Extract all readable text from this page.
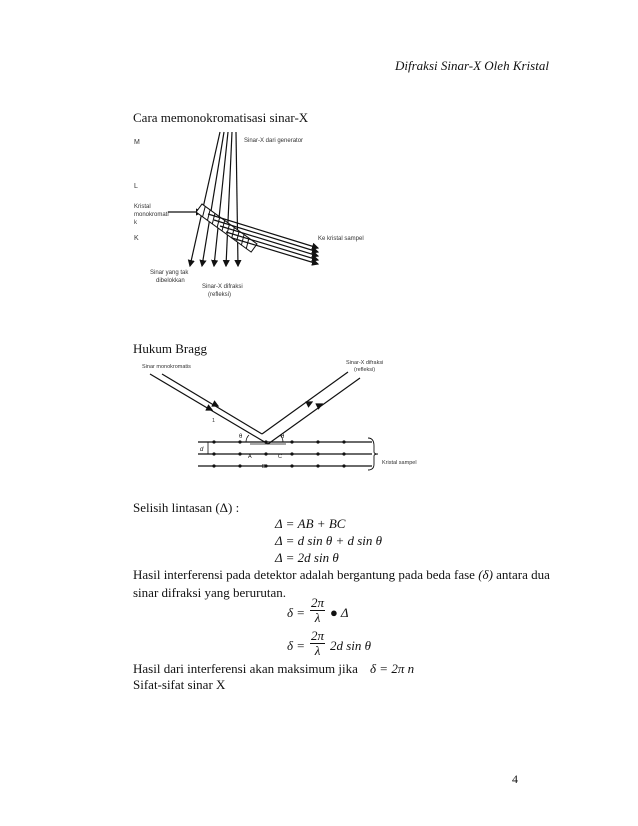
Difraksi Sinar-X Oleh Kristal
Cara memonokromatisasi sinar-X
M
L
Kristal
monokromati
k
K
Sinar-X dari generator
Ke kristal sampel
Sinar yang tak
dibelokkan
Sinar-X difraksi
(refleksi)
Hukum Bragg
Sinar monokromatis
Sinar-X difraksi
(refleksi)
Kristal sampel
1
θ	θ
d
A
B
C
Selisih lintasan (Δ) :
Δ = AB + BC
Δ = d sin θ + d sin θ
Δ = 2d sin θ
Hasil interferensi pada detektor adalah bergantung pada beda fase (δ) antara dua
sinar difraksi yang berurutan.
$\delta = \frac{2\pi}{\lambda}$ ● Δ
$\delta = \frac{2\pi}{\lambda} 2d$ sin θ
Hasil dari interferensi akan maksimum jika δ = 2π n
Sifat-sifat sinar X
4
